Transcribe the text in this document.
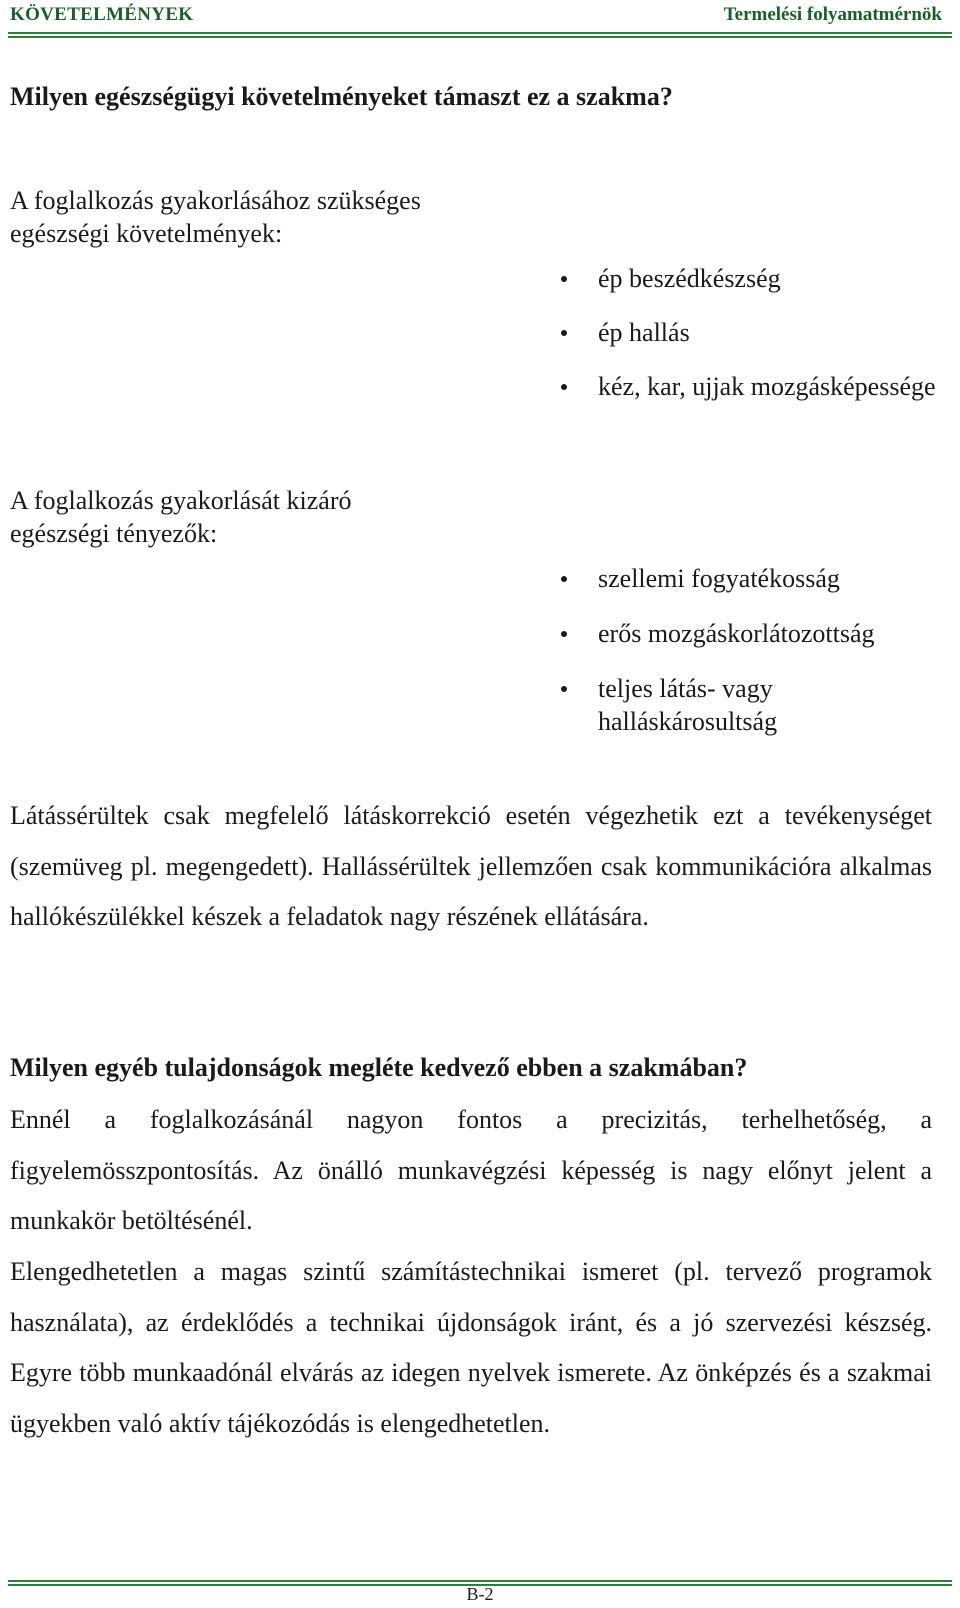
KÖVETELMÉNYEK	Termelési folyamatmérnök
Milyen egészségügyi követelményeket támaszt ez a szakma?
A foglalkozás gyakorlásához szükséges
egészségi követelmények:
ép beszédkészség
ép hallás
kéz, kar, ujjak mozgásképessége
A foglalkozás gyakorlását kizáró
egészségi tényezők:
szellemi fogyatékosság
erős mozgáskorlátozottság
teljes látás- vagy halláskárosultság

Látássérültek csak megfelelő látáskorrekció esetén végezhetik ezt a tevékenységet (szemüveg pl. megengedett). Hallássérültek jellemzően csak kommunikációra alkalmas hallókészülékkel készek a feladatok nagy részének ellátására.

Milyen egyéb tulajdonságok megléte kedvező ebben a szakmában?

Ennél a foglalkozásánál nagyon fontos a precizitás, terhelhetőség, a figyelemösszpontosítás. Az önálló munkavégzési képesség is nagy előnyt jelent a munkakör betöltésénél.

Elengedhetetlen a magas szintű számítástechnikai ismeret (pl. tervező programok használata), az érdeklődés a technikai újdonságok iránt, és a jó szervezési készség. Egyre több munkaadónál elvárás az idegen nyelvek ismerete. Az önképzés és a szakmai ügyekben való aktív tájékozódás is elengedhetetlen.

B-2
